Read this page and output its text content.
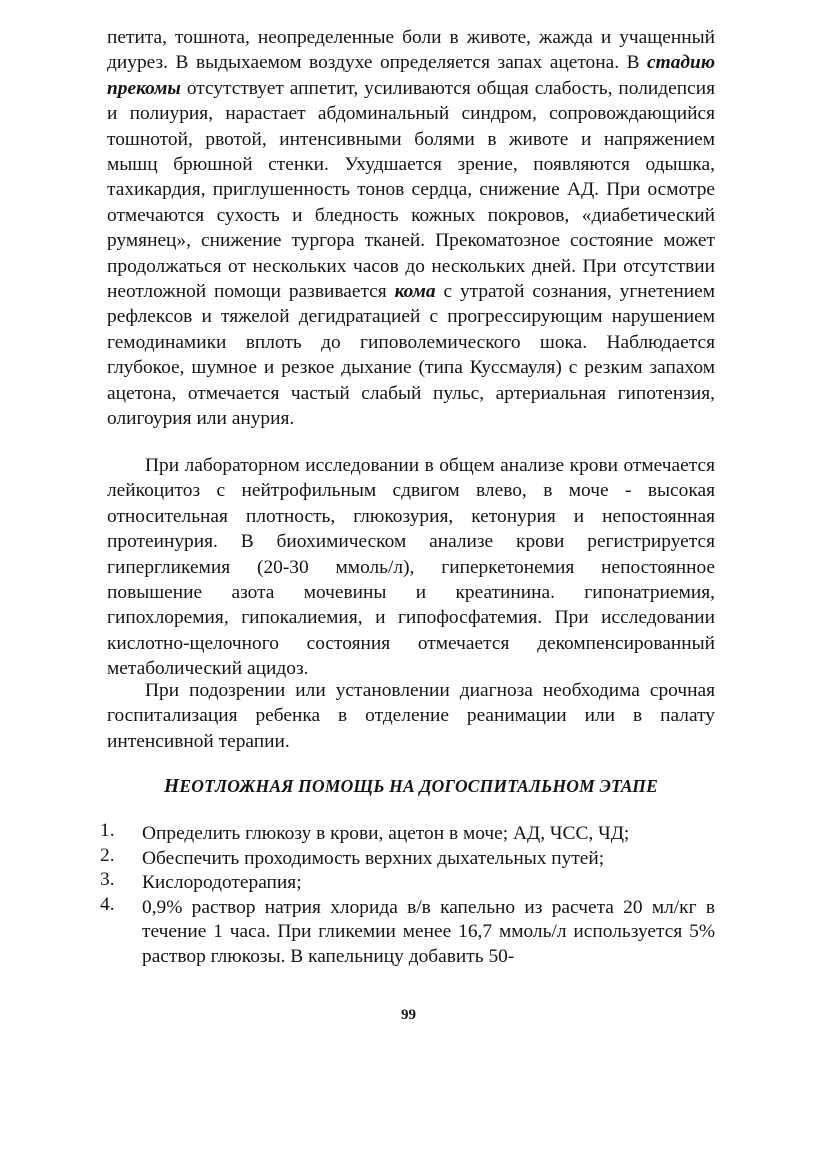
петита, тошнота, неопределенные боли в животе, жажда и учащенный диурез. В выдыхаемом воздухе определяется запах ацетона. В стадию прекомы отсутствует аппетит, усиливаются общая слабость, полидепсия и полиурия, нарастает абдоминальный синдром, сопровождающийся тошнотой, рвотой, интенсивными болями в животе и напряжением мышц брюшной стенки. Ухудшается зрение, появляются одышка, тахикардия, приглушенность тонов сердца, снижение АД. При осмотре отмечаются сухость и бледность кожных покровов, «диабетический румянец», снижение тургора тканей. Прекоматозное состояние может продолжаться от нескольких часов до нескольких дней. При отсутствии неотложной помощи развивается кома с утратой сознания, угнетением рефлексов и тяжелой дегидратацией с прогрессирующим нарушением гемодинамики вплоть до гиповолемического шока. Наблюдается глубокое, шумное и резкое дыхание (типа Куссмауля) с резким запахом ацетона, отмечается частый слабый пульс, артериальная гипотензия, олигоурия или анурия.

При лабораторном исследовании в общем анализе крови отмечается лейкоцитоз с нейтрофильным сдвигом влево, в моче - высокая относительная плотность, глюкозурия, кетонурия и непостоянная протеинурия. В биохимическом анализе крови регистрируется гипергликемия (20-30 ммоль/л), гиперкетонемия непостоянное повышение азота мочевины и креатинина. гипонатриемия, гипохлоремия, гипокалиемия, и гипофосфатемия. При исследовании кислотно-щелочного состояния отмечается декомпенсированный метаболический ацидоз.

При подозрении или установлении диагноза необходима срочная госпитализация ребенка в отделение реанимации или в палату интенсивной терапии.

НЕОТЛОЖНАЯ ПОМОЩЬ НА ДОГОСПИТАЛЬНОМ ЭТАПЕ
1.	Определить глюкозу в крови, ацетон в моче; АД, ЧСС, ЧД;
2.	Обеспечить проходимость верхних дыхательных путей;
3.	Кислородотерапия;
4.	0,9% раствор натрия хлорида в/в капельно из расчета 20 мл/кг в течение 1 часа. При гликемии менее 16,7 ммоль/л используется 5% раствор глюкозы. В капельницу добавить 50-
99
